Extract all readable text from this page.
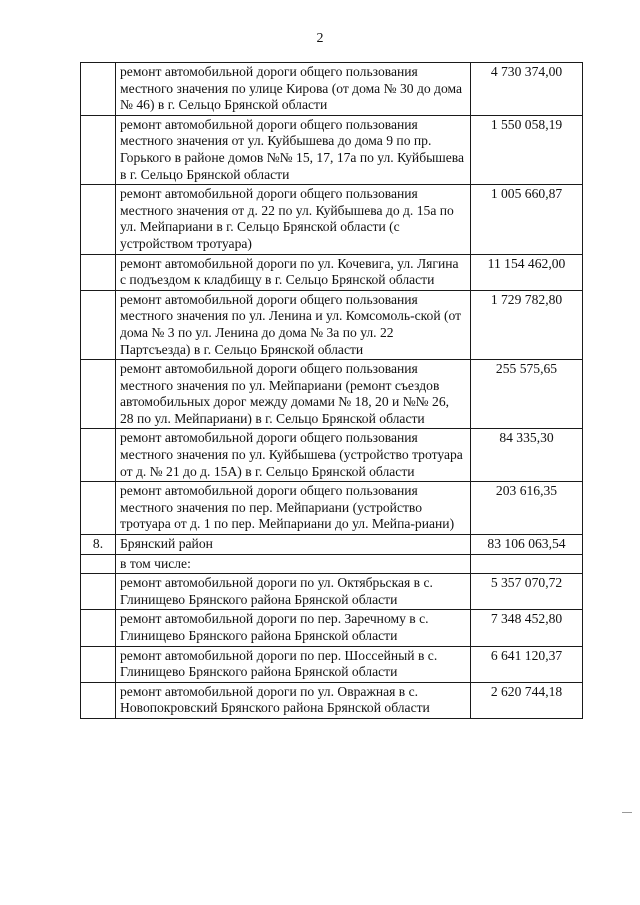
2
	ремонт автомобильной дороги общего пользования местного значения по улице Кирова (от дома № 30 до дома № 46) в г. Сельцо Брянской области	4 730 374,00
	ремонт автомобильной дороги общего пользования местного значения от ул. Куйбышева до дома 9 по пр. Горького в районе домов №№ 15, 17, 17а по ул. Куйбышева в г. Сельцо Брянской области	1 550 058,19
	ремонт автомобильной дороги общего пользования местного значения от д. 22 по ул. Куйбышева до д. 15а по ул. Мейпариани в г. Сельцо Брянской области (с устройством тротуара)	1 005 660,87
	ремонт автомобильной дороги по ул. Кочевига, ул. Лягина с подъездом к кладбищу в г. Сельцо Брянской области	11 154 462,00
	ремонт автомобильной дороги общего пользования местного значения по ул. Ленина и ул. Комсомоль-ской (от дома № 3 по ул. Ленина до дома № 3а по ул. 22 Партсъезда) в г. Сельцо Брянской области	1 729 782,80
	ремонт автомобильной дороги общего пользования местного значения по ул. Мейпариани (ремонт съездов автомобильных дорог между домами № 18, 20 и №№ 26, 28 по ул. Мейпариани) в г. Сельцо Брянской области	255 575,65
	ремонт автомобильной дороги общего пользования местного значения по ул. Куйбышева (устройство тротуара от д. № 21 до д. 15А) в г. Сельцо Брянской области	84 335,30
	ремонт автомобильной дороги общего пользования местного значения по пер. Мейпариани (устройство тротуара от д. 1 по пер. Мейпариани до ул. Мейпа-риани)	203 616,35
8.	Брянский район	83 106 063,54
	в том числе:	
	ремонт автомобильной дороги по ул. Октябрьская в с. Глинищево Брянского района Брянской области	5 357 070,72
	ремонт автомобильной дороги по пер. Заречному в с. Глинищево Брянского района Брянской области	7 348 452,80
	ремонт автомобильной дороги по пер. Шоссейный в с. Глинищево Брянского района Брянской области	6 641 120,37
	ремонт автомобильной дороги по ул. Овражная в с. Новопокровский Брянского района Брянской области	2 620 744,18
